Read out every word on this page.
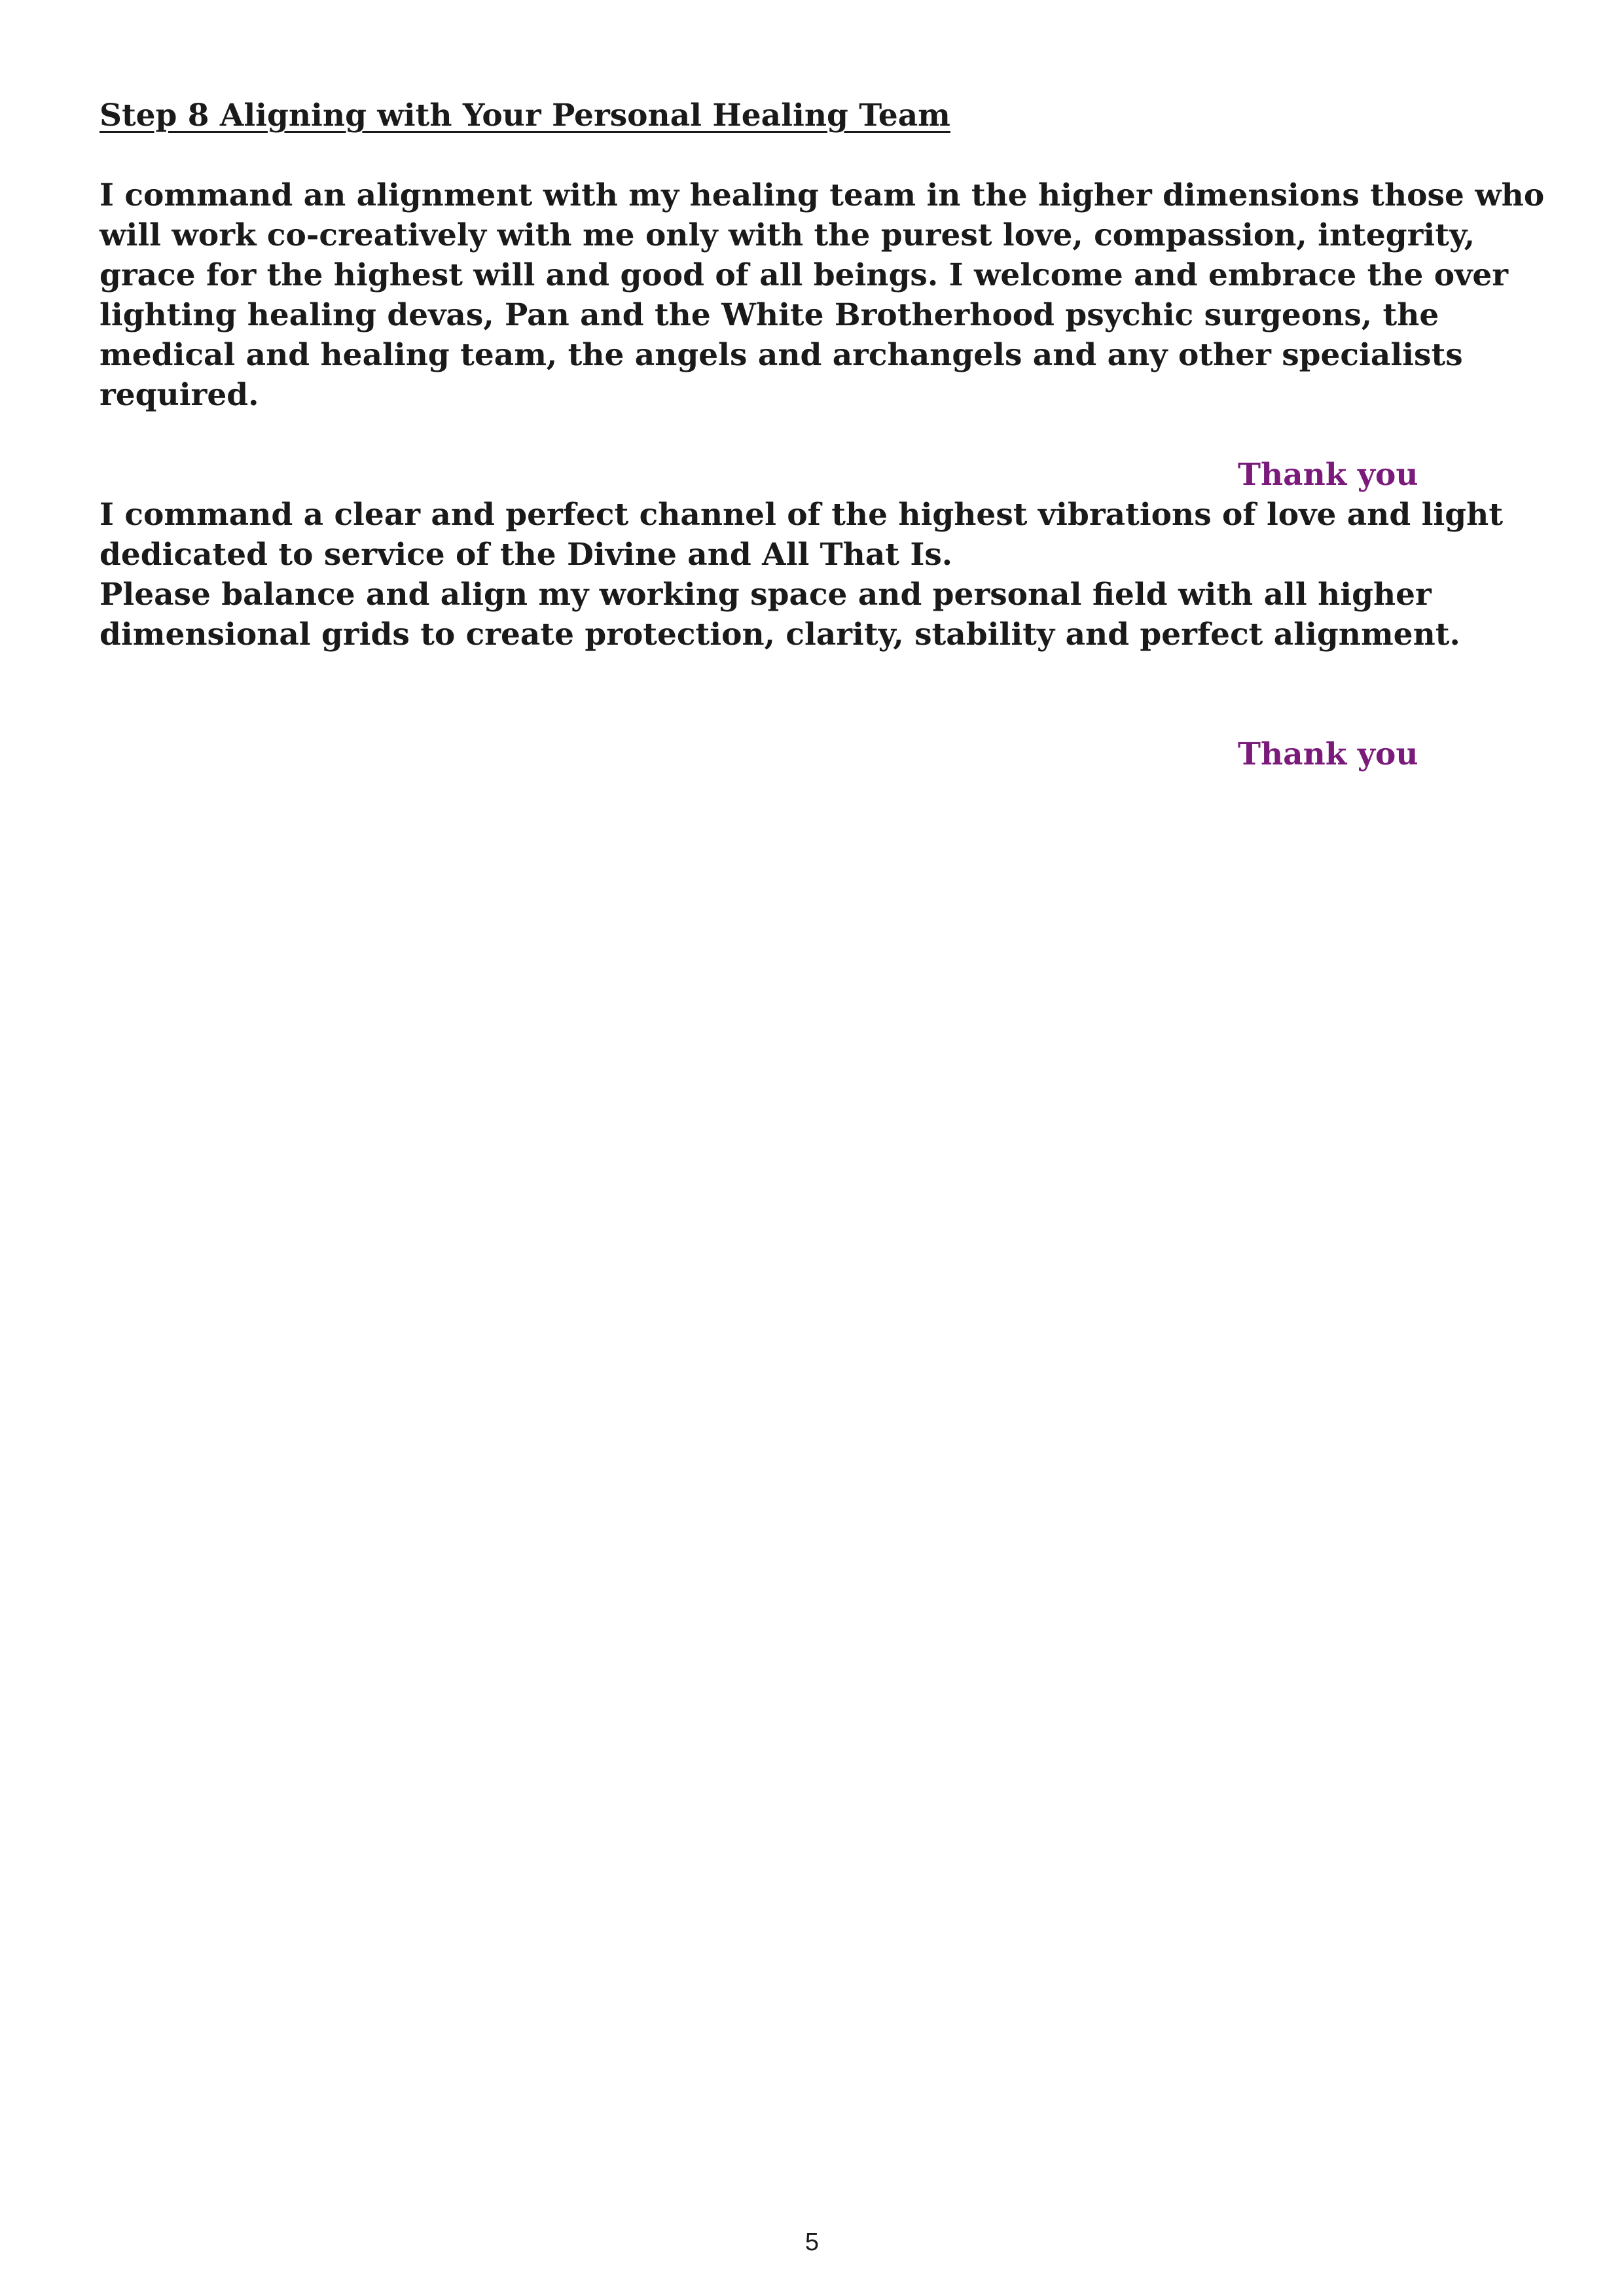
Step 8 Aligning with Your Personal Healing Team

I command an alignment with my healing team in the higher dimensions those who
will work co-creatively with me only with the purest love, compassion, integrity,
grace for the highest will and good of all beings. I welcome and embrace the over
lighting healing devas, Pan and the White Brotherhood psychic surgeons, the
medical and healing team, the angels and archangels and any other specialists
required.

Thank you

I command a clear and perfect channel of the highest vibrations of love and light
dedicated to service of the Divine and All That Is.
Please balance and align my working space and personal field with all higher
dimensional grids to create protection, clarity, stability and perfect alignment.

Thank you
5
